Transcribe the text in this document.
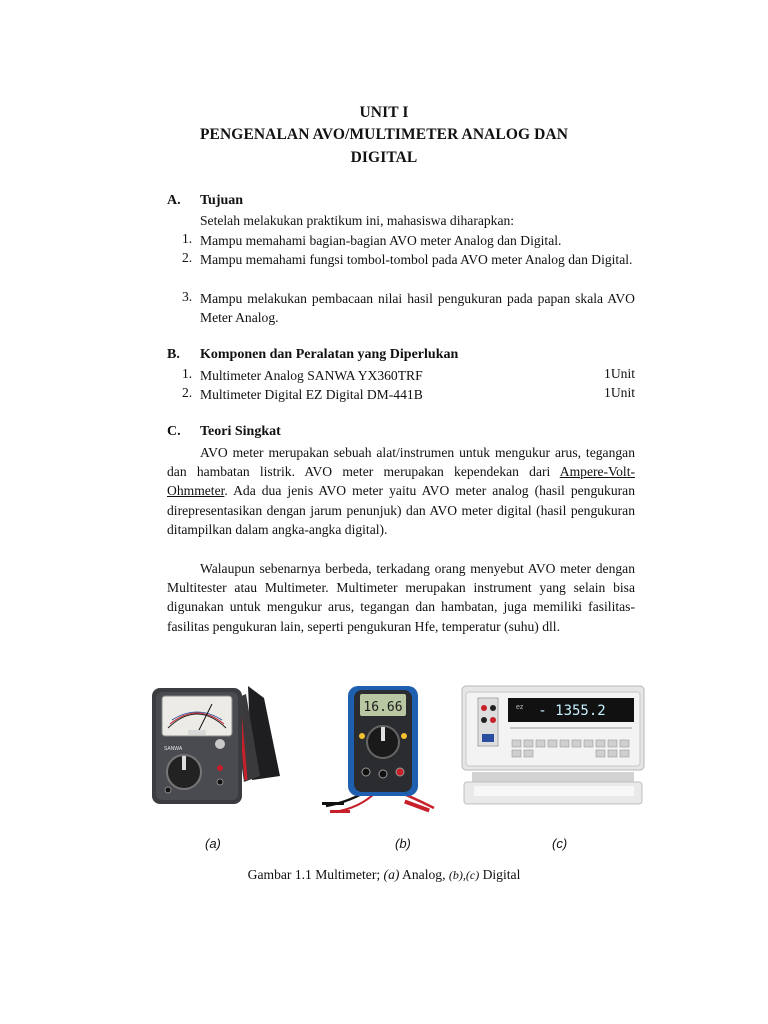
UNIT I
PENGENALAN AVO/MULTIMETER ANALOG DAN
DIGITAL
A. Tujuan
Setelah melakukan praktikum ini, mahasiswa diharapkan:
1. Mampu memahami bagian-bagian AVO meter Analog dan Digital.
2. Mampu memahami fungsi tombol-tombol pada AVO meter Analog dan Digital.
3. Mampu melakukan pembacaan nilai hasil pengukuran pada papan skala AVO Meter Analog.
B. Komponen dan Peralatan yang Diperlukan
1. Multimeter Analog SANWA YX360TRF	1Unit
2. Multimeter Digital EZ Digital DM-441B	1Unit
C. Teori Singkat
AVO meter merupakan sebuah alat/instrumen untuk mengukur arus, tegangan dan hambatan listrik. AVO meter merupakan kependekan dari Ampere-Volt-Ohmmeter. Ada dua jenis AVO meter yaitu AVO meter analog (hasil pengukuran direpresentasikan dengan jarum penunjuk) dan AVO meter digital (hasil pengukuran ditampilkan dalam angka-angka digital).
Walaupun sebenarnya berbeda, terkadang orang menyebut AVO meter dengan Multitester atau Multimeter. Multimeter merupakan instrument yang selain bisa digunakan untuk mengukur arus, tegangan dan hambatan, juga memiliki fasilitas-fasilitas pengukuran lain, seperti pengukuran Hfe, temperatur (suhu) dll.
SANWA
16.66	ez - 1355.2
(a)	(b)	(c)
Gambar 1.1 Multimeter; (a) Analog, (b),(c) Digital
